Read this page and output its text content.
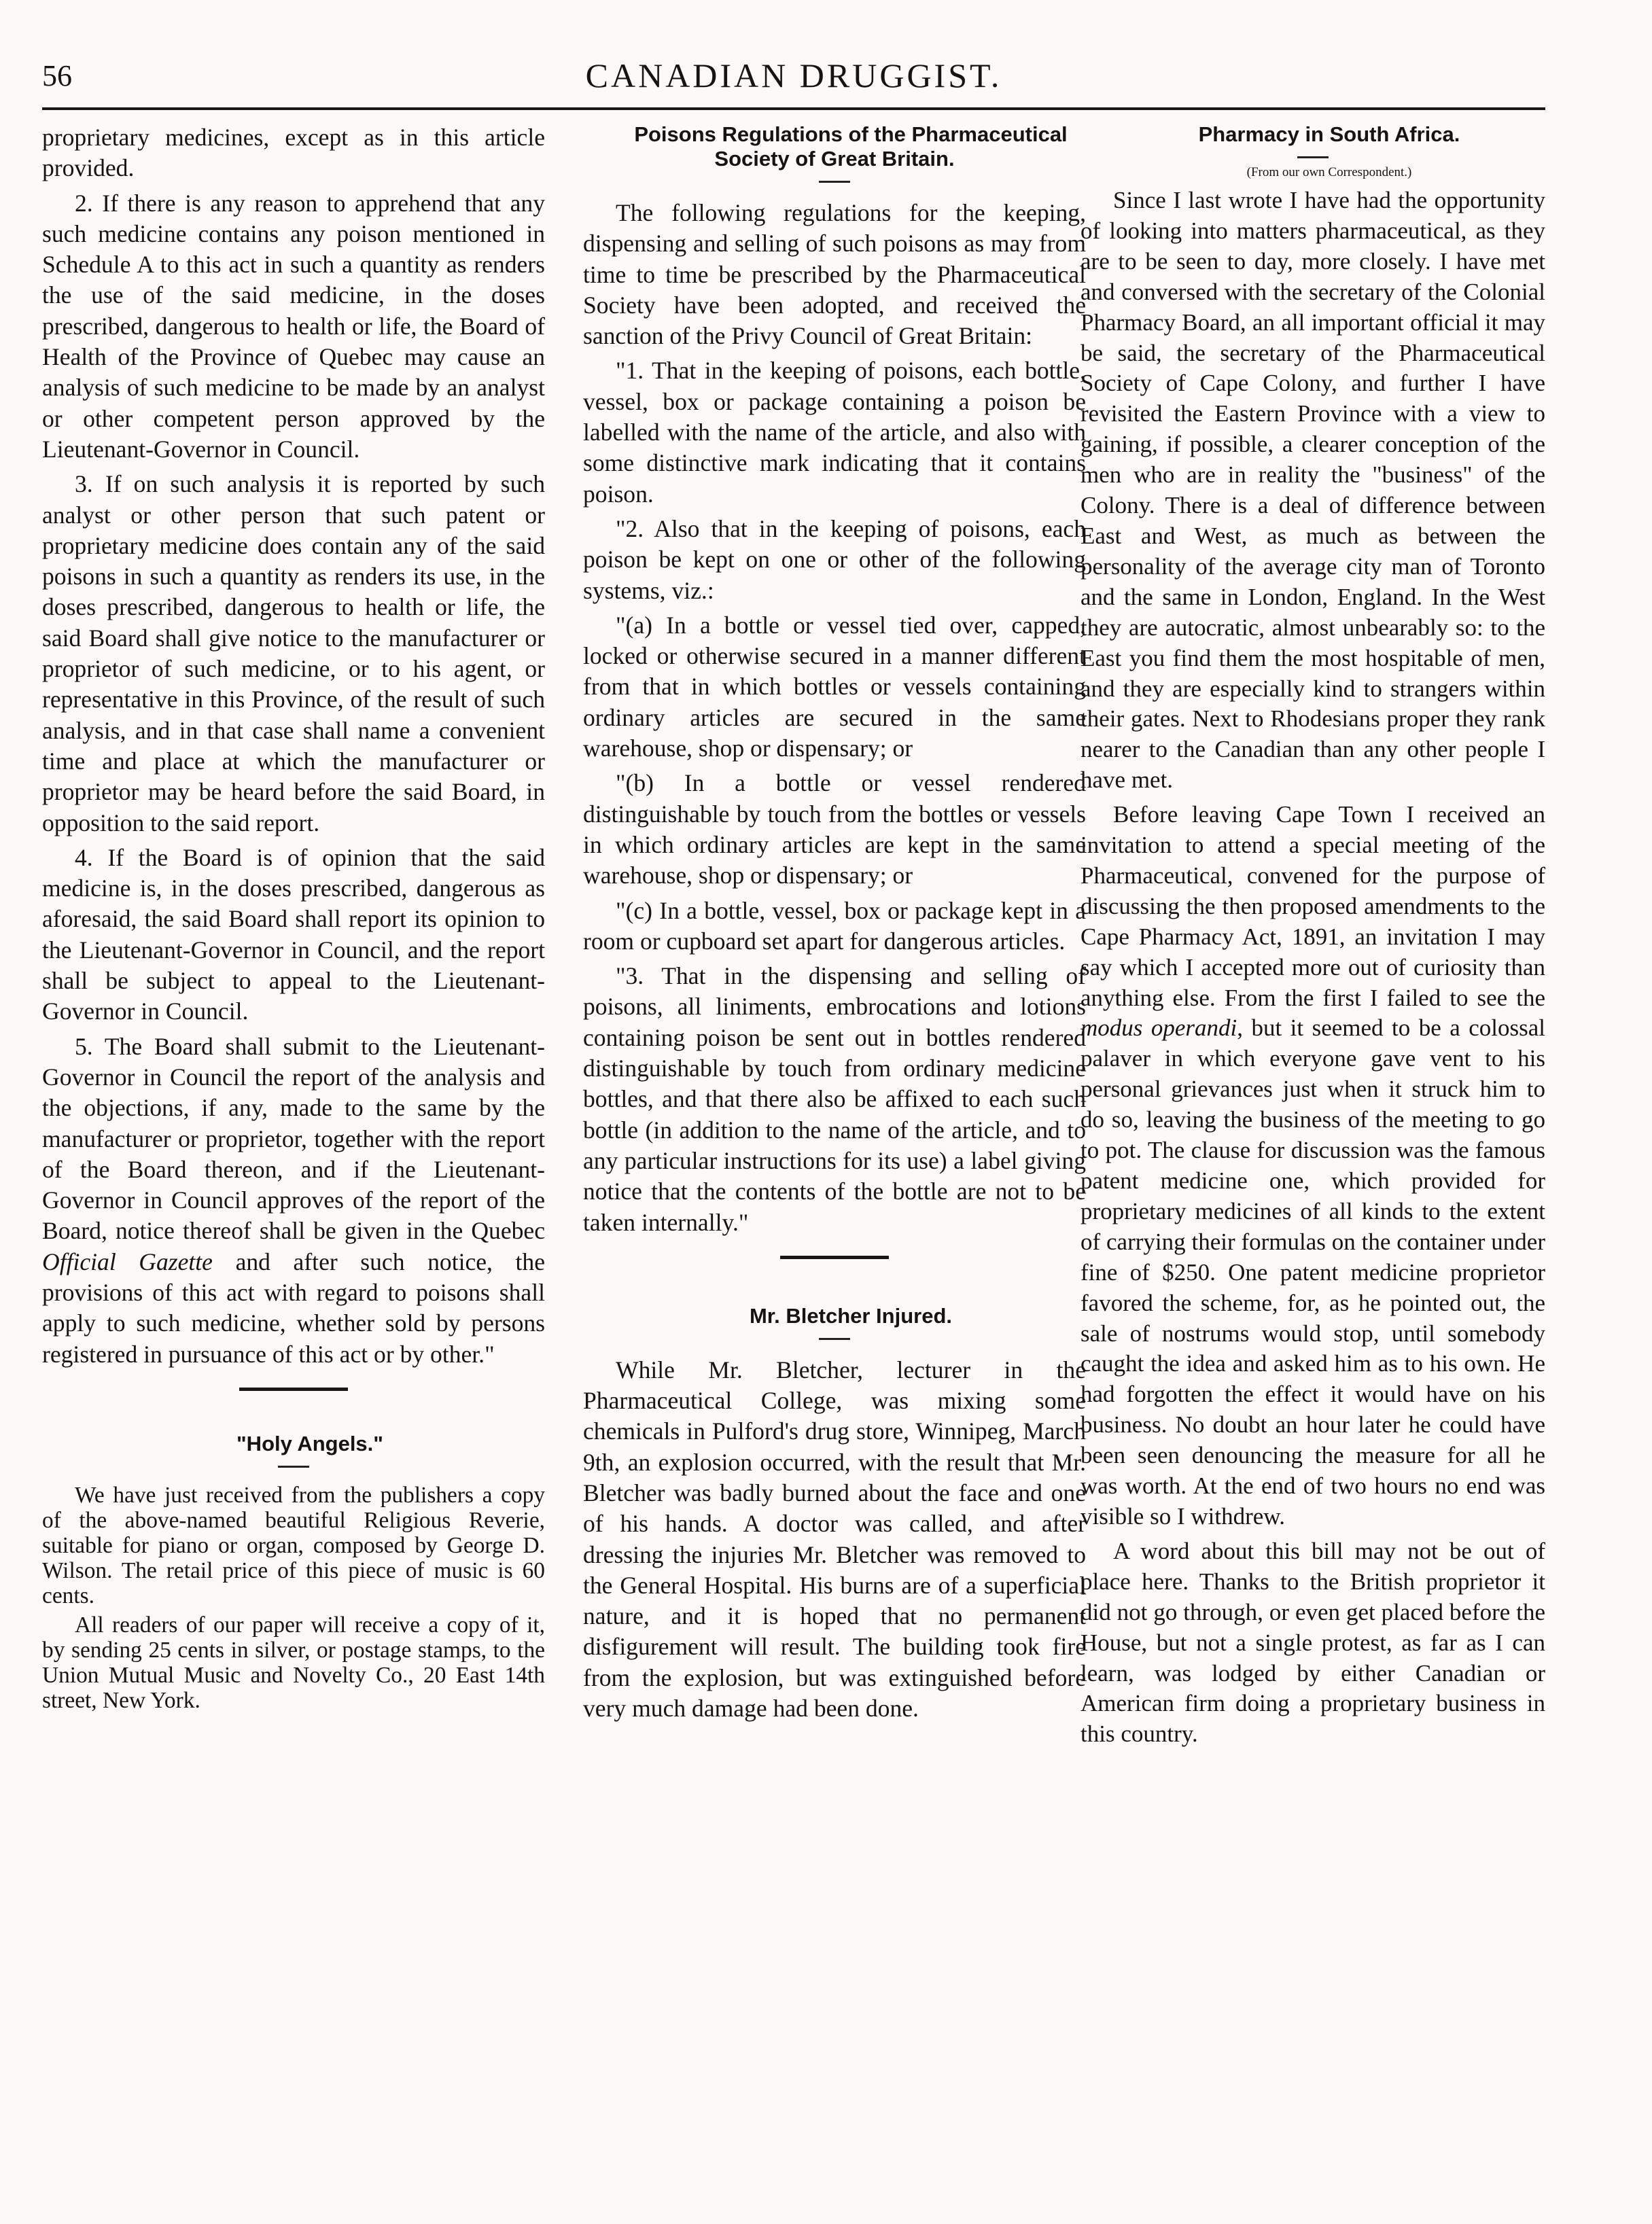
56	CANADIAN DRUGGIST.

proprietary medicines, except as in this article provided.

2. If there is any reason to apprehend that any such medicine contains any poison mentioned in Schedule A to this act in such a quantity as renders the use of the said medicine, in the doses prescribed, dangerous to health or life, the Board of Health of the Province of Quebec may cause an analysis of such medicine to be made by an analyst or other competent person approved by the Lieutenant-Governor in Council.

3. If on such analysis it is reported by such analyst or other person that such patent or proprietary medicine does contain any of the said poisons in such a quantity as renders its use, in the doses prescribed, dangerous to health or life, the said Board shall give notice to the manufacturer or proprietor of such medicine, or to his agent, or representative in this Province, of the result of such analysis, and in that case shall name a convenient time and place at which the manufacturer or proprietor may be heard before the said Board, in opposition to the said report.

4. If the Board is of opinion that the said medicine is, in the doses prescribed, dangerous as aforesaid, the said Board shall report its opinion to the Lieutenant-Governor in Council, and the report shall be subject to appeal to the Lieutenant-Governor in Council.

5. The Board shall submit to the Lieutenant-Governor in Council the report of the analysis and the objections, if any, made to the same by the manufacturer or proprietor, together with the report of the Board thereon, and if the Lieutenant-Governor in Council approves of the report of the Board, notice thereof shall be given in the Quebec Official Gazette and after such notice, the provisions of this act with regard to poisons shall apply to such medicine, whether sold by persons registered in pursuance of this act or by other."

"Holy Angels."

We have just received from the publishers a copy of the above-named beautiful Religious Reverie, suitable for piano or organ, composed by George D. Wilson. The retail price of this piece of music is 60 cents.

All readers of our paper will receive a copy of it, by sending 25 cents in silver, or postage stamps, to the Union Mutual Music and Novelty Co., 20 East 14th street, New York.

Poisons Regulations of the Pharmaceutical Society of Great Britain.

The following regulations for the keeping, dispensing and selling of such poisons as may from time to time be prescribed by the Pharmaceutical Society have been adopted, and received the sanction of the Privy Council of Great Britain:

"1. That in the keeping of poisons, each bottle, vessel, box or package containing a poison be labelled with the name of the article, and also with some distinctive mark indicating that it contains poison.

"2. Also that in the keeping of poisons, each poison be kept on one or other of the following systems, viz.:

"(a) In a bottle or vessel tied over, capped, locked or otherwise secured in a manner different from that in which bottles or vessels containing ordinary articles are secured in the same warehouse, shop or dispensary; or

"(b) In a bottle or vessel rendered distinguishable by touch from the bottles or vessels in which ordinary articles are kept in the same warehouse, shop or dispensary; or

"(c) In a bottle, vessel, box or package kept in a room or cupboard set apart for dangerous articles.

"3. That in the dispensing and selling of poisons, all liniments, embrocations and lotions containing poison be sent out in bottles rendered distinguishable by touch from ordinary medicine bottles, and that there also be affixed to each such bottle (in addition to the name of the article, and to any particular instructions for its use) a label giving notice that the contents of the bottle are not to be taken internally."

Mr. Bletcher Injured.

While Mr. Bletcher, lecturer in the Pharmaceutical College, was mixing some chemicals in Pulford's drug store, Winnipeg, March 9th, an explosion occurred, with the result that Mr. Bletcher was badly burned about the face and one of his hands. A doctor was called, and after dressing the injuries Mr. Bletcher was removed to the General Hospital. His burns are of a superficial nature, and it is hoped that no permanent disfigurement will result. The building took fire from the explosion, but was extinguished before very much damage had been done.

Pharmacy in South Africa.

(From our own Correspondent.)

Since I last wrote I have had the opportunity of looking into matters pharmaceutical, as they are to be seen to day, more closely. I have met and conversed with the secretary of the Colonial Pharmacy Board, an all important official it may be said, the secretary of the Pharmaceutical Society of Cape Colony, and further I have revisited the Eastern Province with a view to gaining, if possible, a clearer conception of the men who are in reality the "business" of the Colony. There is a deal of difference between East and West, as much as between the personality of the average city man of Toronto and the same in London, England. In the West they are autocratic, almost unbearably so: to the East you find them the most hospitable of men, and they are especially kind to strangers within their gates. Next to Rhodesians proper they rank nearer to the Canadian than any other people I have met.

Before leaving Cape Town I received an invitation to attend a special meeting of the Pharmaceutical, convened for the purpose of discussing the then proposed amendments to the Cape Pharmacy Act, 1891, an invitation I may say which I accepted more out of curiosity than anything else. From the first I failed to see the modus operandi, but it seemed to be a colossal palaver in which everyone gave vent to his personal grievances just when it struck him to do so, leaving the business of the meeting to go to pot. The clause for discussion was the famous patent medicine one, which provided for proprietary medicines of all kinds to the extent of carrying their formulas on the container under fine of $250. One patent medicine proprietor favored the scheme, for, as he pointed out, the sale of nostrums would stop, until somebody caught the idea and asked him as to his own. He had forgotten the effect it would have on his business. No doubt an hour later he could have been seen denouncing the measure for all he was worth. At the end of two hours no end was visible so I withdrew.

A word about this bill may not be out of place here. Thanks to the British proprietor it did not go through, or even get placed before the House, but not a single protest, as far as I can learn, was lodged by either Canadian or American firm doing a proprietary business in this country.
